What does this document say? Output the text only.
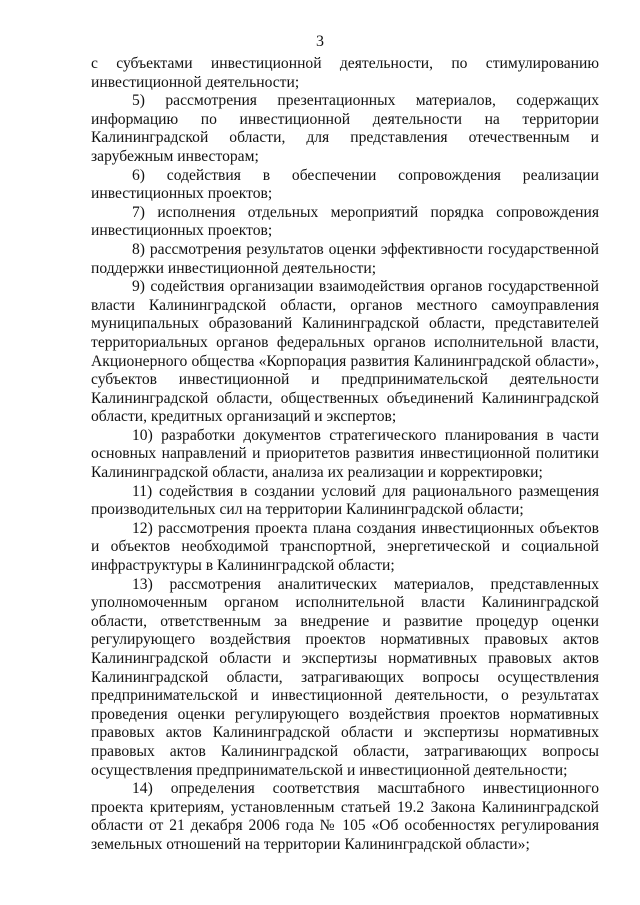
3

с субъектами инвестиционной деятельности, по стимулированию инвестиционной деятельности;

5) рассмотрения презентационных материалов, содержащих информацию по инвестиционной деятельности на территории Калининградской области, для представления отечественным и зарубежным инвесторам;

6) содействия в обеспечении сопровождения реализации инвестиционных проектов;

7) исполнения отдельных мероприятий порядка сопровождения инвестиционных проектов;

8) рассмотрения результатов оценки эффективности государственной поддержки инвестиционной деятельности;

9) содействия организации взаимодействия органов государственной власти Калининградской области, органов местного самоуправления муниципальных образований Калининградской области, представителей территориальных органов федеральных органов исполнительной власти, Акционерного общества «Корпорация развития Калининградской области», субъектов инвестиционной и предпринимательской деятельности Калининградской области, общественных объединений Калининградской области, кредитных организаций и экспертов;

10) разработки документов стратегического планирования в части основных направлений и приоритетов развития инвестиционной политики Калининградской области, анализа их реализации и корректировки;

11) содействия в создании условий для рационального размещения производительных сил на территории Калининградской области;

12) рассмотрения проекта плана создания инвестиционных объектов и объектов необходимой транспортной, энергетической и социальной инфраструктуры в Калининградской области;

13) рассмотрения аналитических материалов, представленных уполномоченным органом исполнительной власти Калининградской области, ответственным за внедрение и развитие процедур оценки регулирующего воздействия проектов нормативных правовых актов Калининградской области и экспертизы нормативных правовых актов Калининградской области, затрагивающих вопросы осуществления предпринимательской и инвестиционной деятельности, о результатах проведения оценки регулирующего воздействия проектов нормативных правовых актов Калининградской области и экспертизы нормативных правовых актов Калининградской области, затрагивающих вопросы осуществления предпринимательской и инвестиционной деятельности;

14) определения соответствия масштабного инвестиционного проекта критериям, установленным статьей 19.2 Закона Калининградской области от 21 декабря 2006 года № 105 «Об особенностях регулирования земельных отношений на территории Калининградской области»;
